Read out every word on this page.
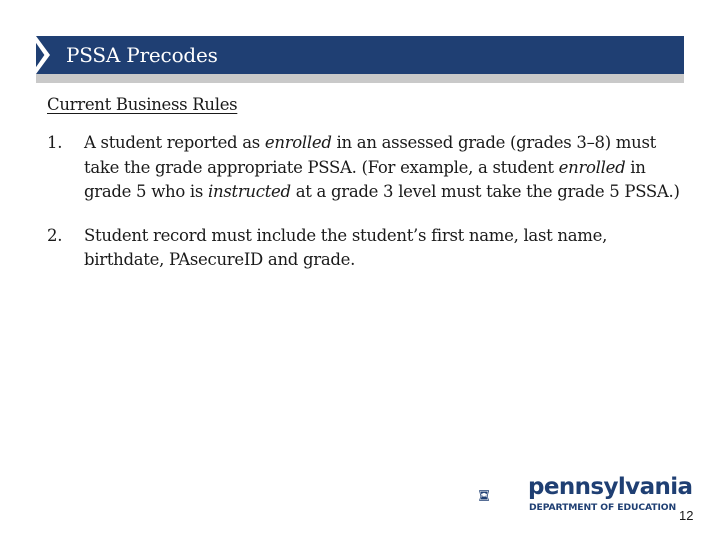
PSSA Precodes
Current Business Rules
1. A student reported as enrolled in an assessed grade (grades 3–8) must take the grade appropriate PSSA. (For example, a student enrolled in grade 5 who is instructed at a grade 3 level must take the grade 5 PSSA.)
2. Student record must include the student’s first name, last name, birthdate, PAsecureID and grade.
pennsylvania
DEPARTMENT OF EDUCATION
12
